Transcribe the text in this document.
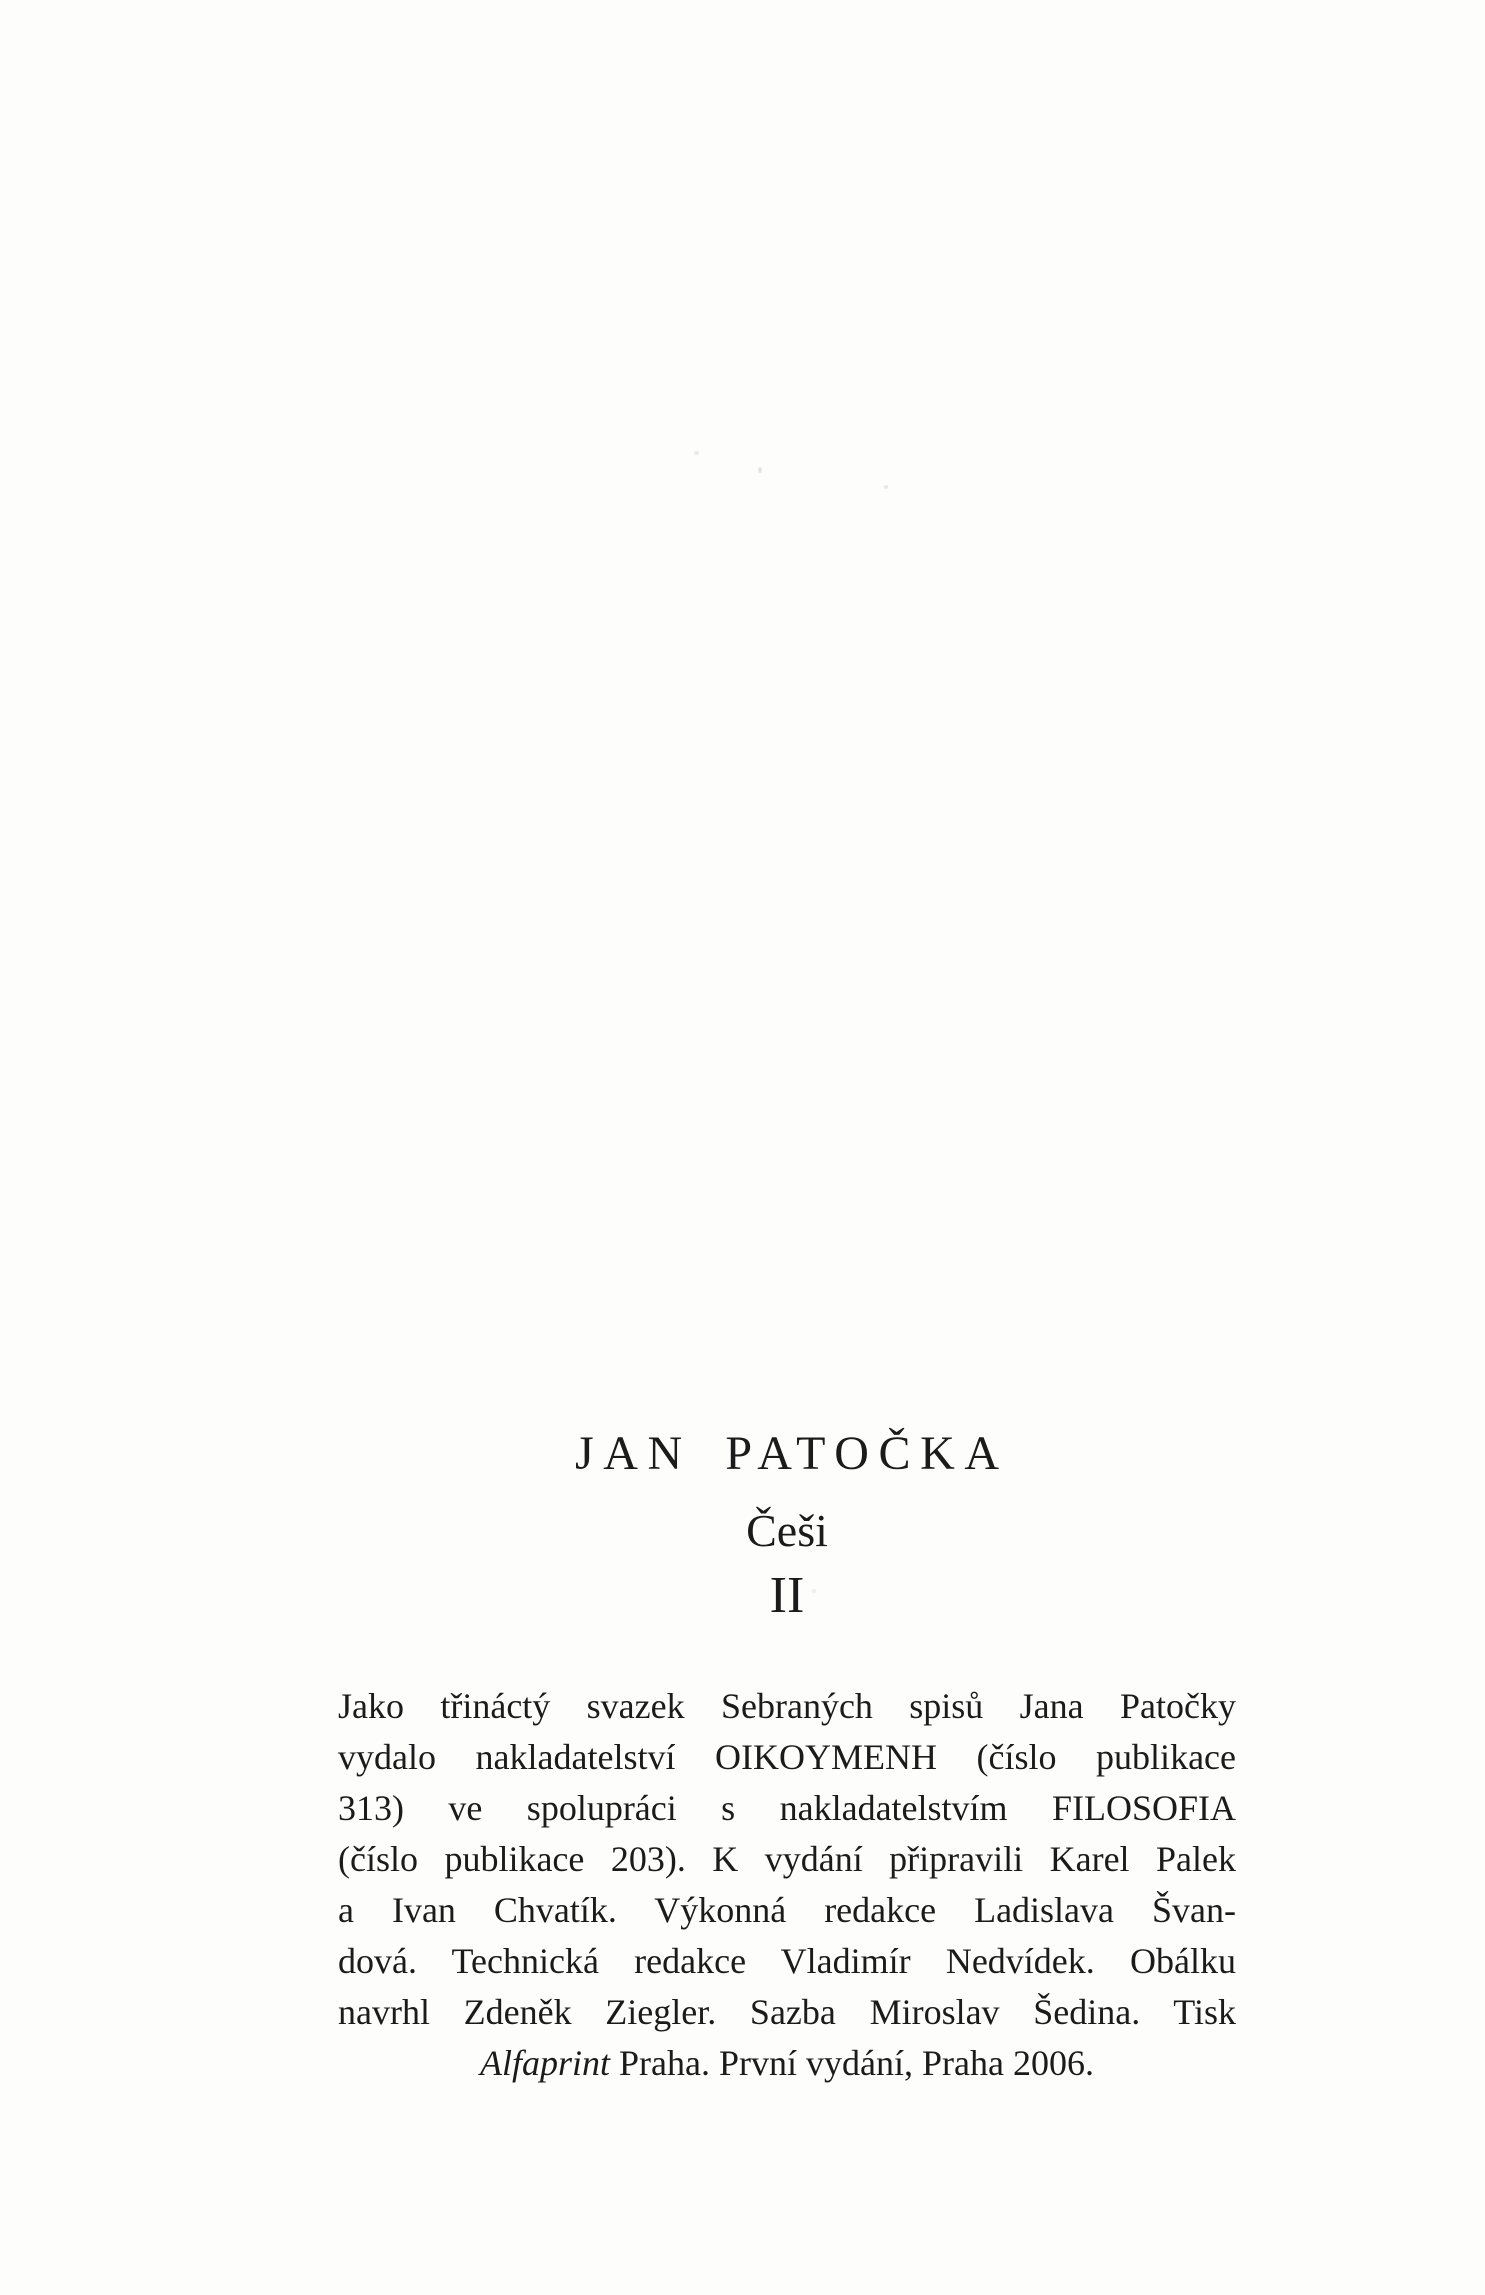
JAN PATOČKA
Češi
II
Jako třináctý svazek Sebraných spisů Jana Patočky
vydalo nakladatelství OIKOYMENH (číslo publikace
313) ve spolupráci s nakladatelstvím FILOSOFIA
(číslo publikace 203). K vydání připravili Karel Palek
a Ivan Chvatík. Výkonná redakce Ladislava Švan-
dová. Technická redakce Vladimír Nedvídek. Obálku
navrhl Zdeněk Ziegler. Sazba Miroslav Šedina. Tisk
Alfaprint Praha. První vydání, Praha 2006.
